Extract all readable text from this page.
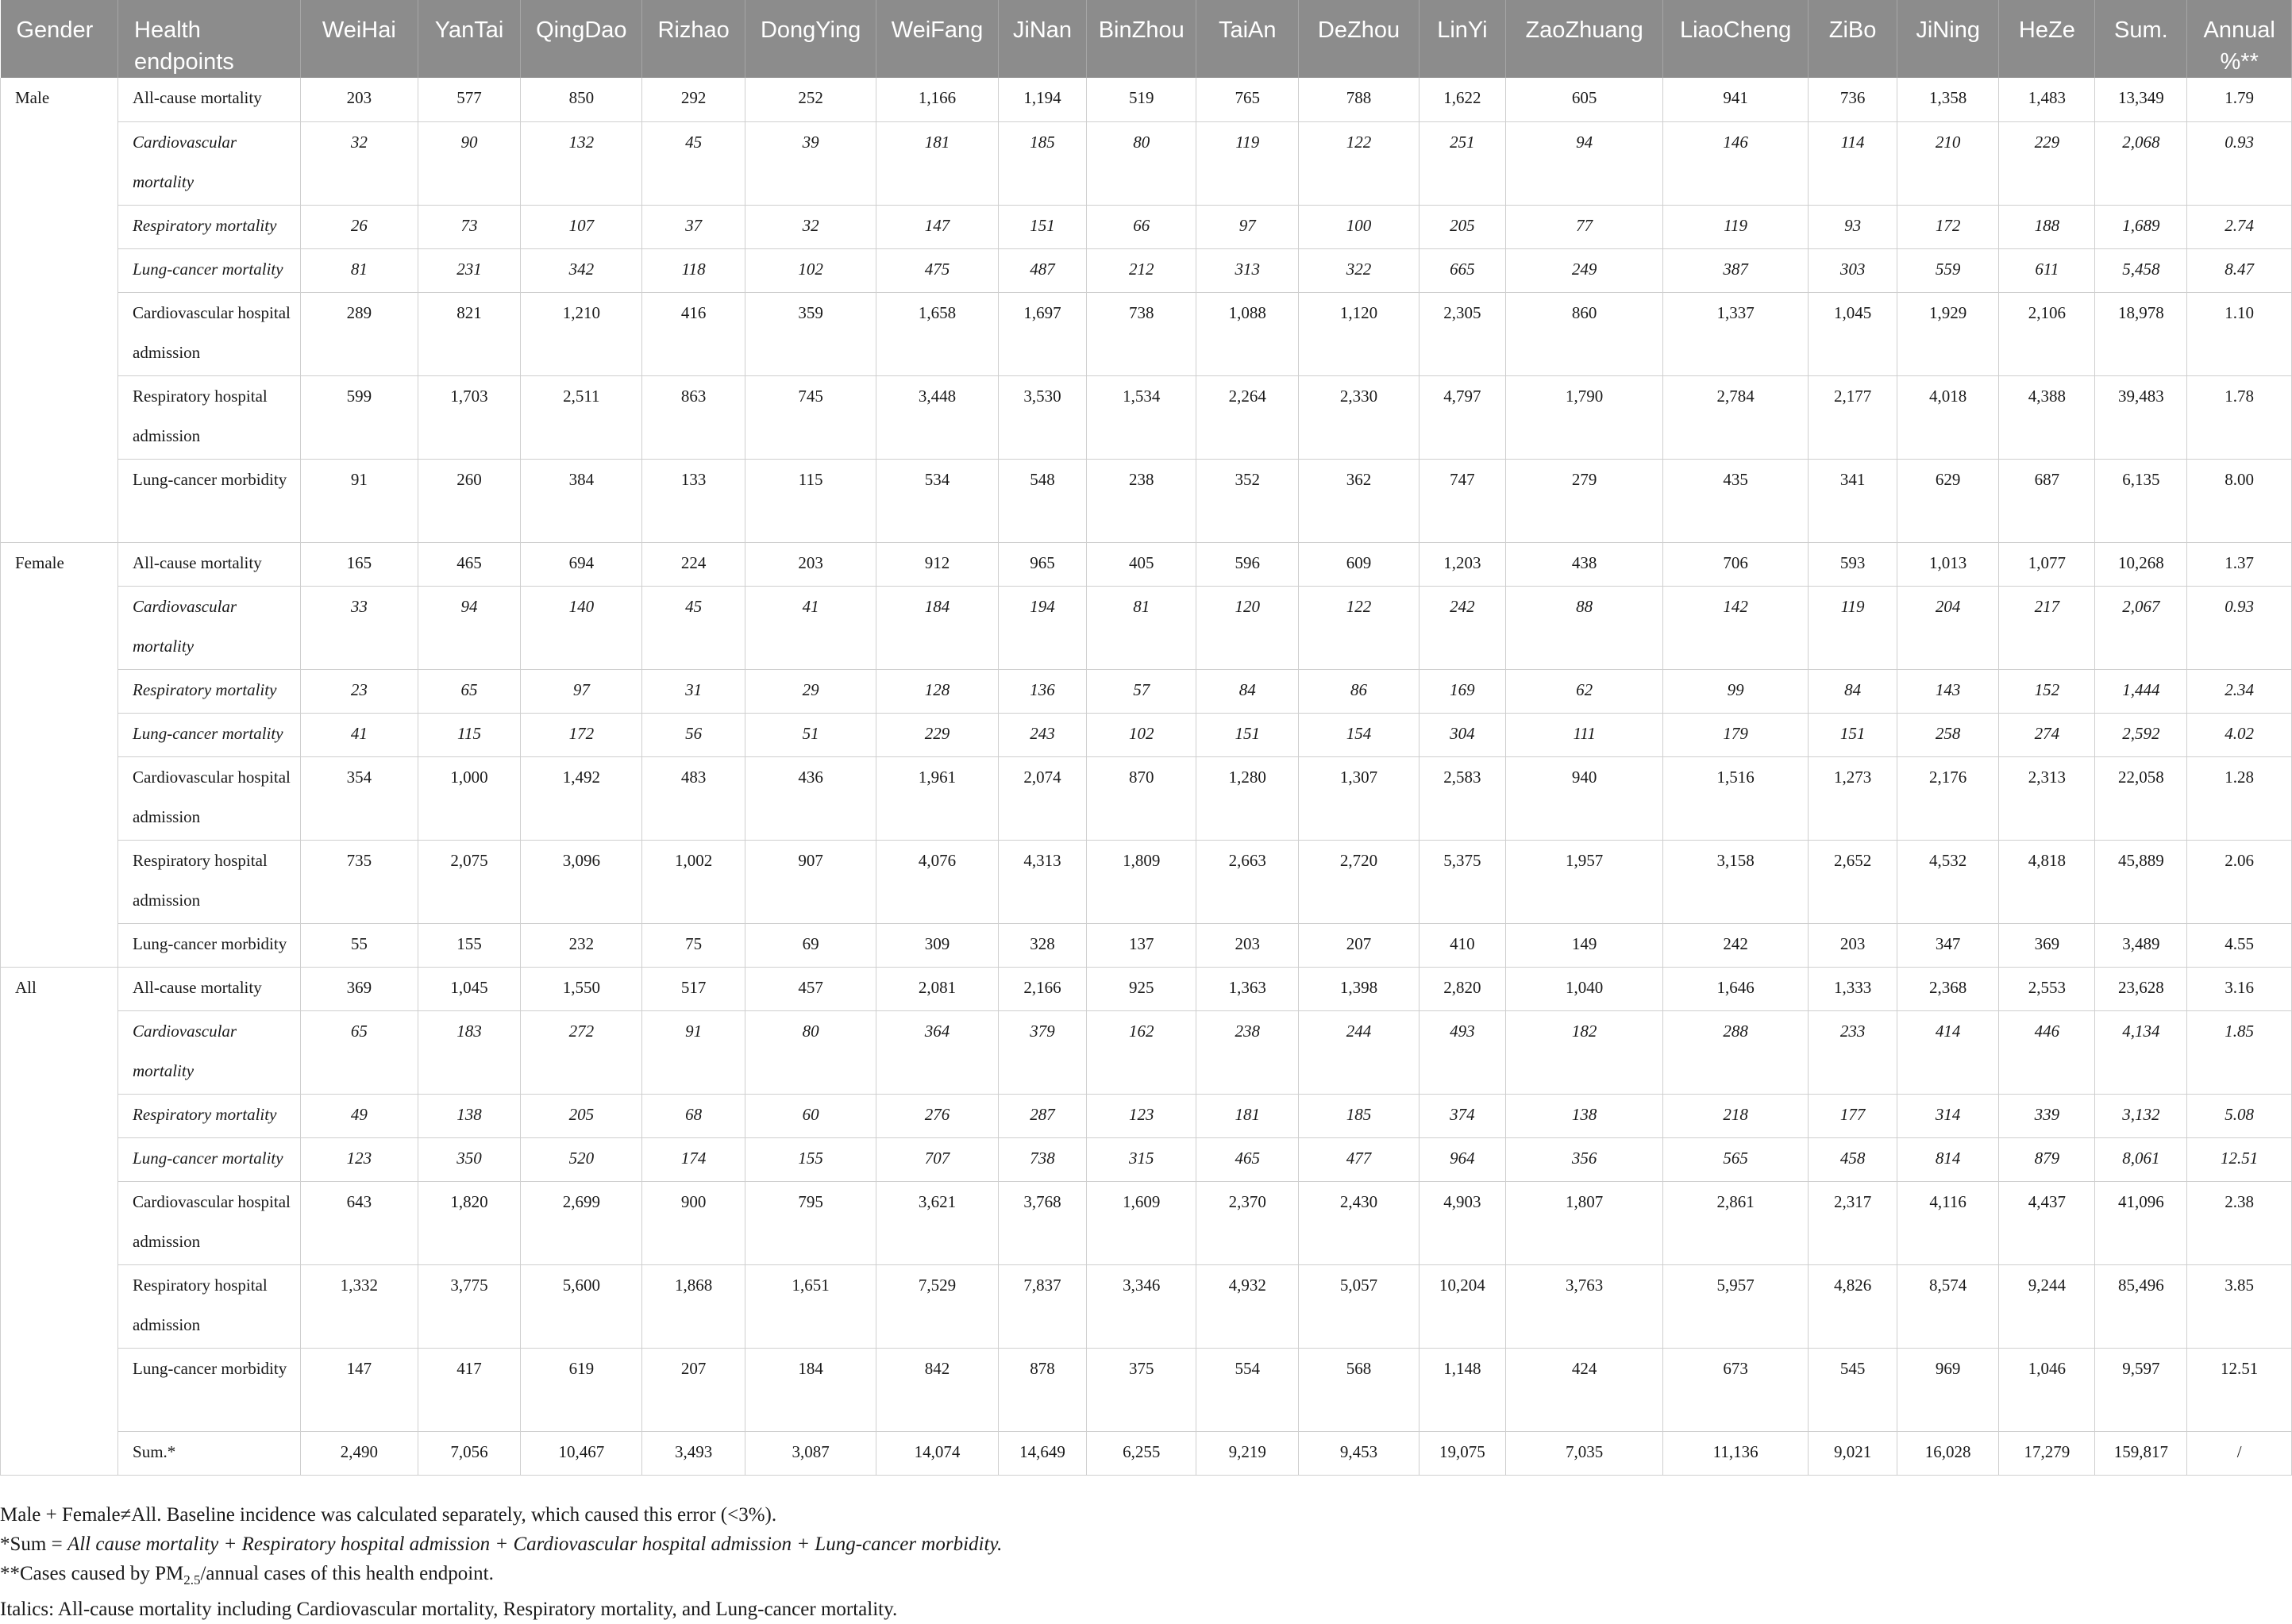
Gender	Health endpoints	WeiHai	YanTai	QingDao	Rizhao	DongYing	WeiFang	JiNan	BinZhou	TaiAn	DeZhou	LinYi	ZaoZhuang	LiaoCheng	ZiBo	JiNing	HeZe	Sum.	Annual %**
Male	All-cause mortality	203	577	850	292	252	1,166	1,194	519	765	788	1,622	605	941	736	1,358	1,483	13,349	1.79
	Cardiovascular mortality	32	90	132	45	39	181	185	80	119	122	251	94	146	114	210	229	2,068	0.93
	Respiratory mortality	26	73	107	37	32	147	151	66	97	100	205	77	119	93	172	188	1,689	2.74
	Lung-cancer mortality	81	231	342	118	102	475	487	212	313	322	665	249	387	303	559	611	5,458	8.47
	Cardiovascular hospital admission	289	821	1,210	416	359	1,658	1,697	738	1,088	1,120	2,305	860	1,337	1,045	1,929	2,106	18,978	1.10
	Respiratory hospital admission	599	1,703	2,511	863	745	3,448	3,530	1,534	2,264	2,330	4,797	1,790	2,784	2,177	4,018	4,388	39,483	1.78
	Lung-cancer morbidity	91	260	384	133	115	534	548	238	352	362	747	279	435	341	629	687	6,135	8.00
Female	All-cause mortality	165	465	694	224	203	912	965	405	596	609	1,203	438	706	593	1,013	1,077	10,268	1.37
	Cardiovascular mortality	33	94	140	45	41	184	194	81	120	122	242	88	142	119	204	217	2,067	0.93
	Respiratory mortality	23	65	97	31	29	128	136	57	84	86	169	62	99	84	143	152	1,444	2.34
	Lung-cancer mortality	41	115	172	56	51	229	243	102	151	154	304	111	179	151	258	274	2,592	4.02
	Cardiovascular hospital admission	354	1,000	1,492	483	436	1,961	2,074	870	1,280	1,307	2,583	940	1,516	1,273	2,176	2,313	22,058	1.28
	Respiratory hospital admission	735	2,075	3,096	1,002	907	4,076	4,313	1,809	2,663	2,720	5,375	1,957	3,158	2,652	4,532	4,818	45,889	2.06
	Lung-cancer morbidity	55	155	232	75	69	309	328	137	203	207	410	149	242	203	347	369	3,489	4.55
All	All-cause mortality	369	1,045	1,550	517	457	2,081	2,166	925	1,363	1,398	2,820	1,040	1,646	1,333	2,368	2,553	23,628	3.16
	Cardiovascular mortality	65	183	272	91	80	364	379	162	238	244	493	182	288	233	414	446	4,134	1.85
	Respiratory mortality	49	138	205	68	60	276	287	123	181	185	374	138	218	177	314	339	3,132	5.08
	Lung-cancer mortality	123	350	520	174	155	707	738	315	465	477	964	356	565	458	814	879	8,061	12.51
	Cardiovascular hospital admission	643	1,820	2,699	900	795	3,621	3,768	1,609	2,370	2,430	4,903	1,807	2,861	2,317	4,116	4,437	41,096	2.38
	Respiratory hospital admission	1,332	3,775	5,600	1,868	1,651	7,529	7,837	3,346	4,932	5,057	10,204	3,763	5,957	4,826	8,574	9,244	85,496	3.85
	Lung-cancer morbidity	147	417	619	207	184	842	878	375	554	568	1,148	424	673	545	969	1,046	9,597	12.51
	Sum.*	2,490	7,056	10,467	3,493	3,087	14,074	14,649	6,255	9,219	9,453	19,075	7,035	11,136	9,021	16,028	17,279	159,817	/
Male + Female≠All. Baseline incidence was calculated separately, which caused this error (<3%).
*Sum = All cause mortality + Respiratory hospital admission + Cardiovascular hospital admission + Lung-cancer morbidity.
**Cases caused by $PM_{2.5}$/annual cases of this health endpoint.
Italics: All-cause mortality including Cardiovascular mortality, Respiratory mortality, and Lung-cancer mortality.
